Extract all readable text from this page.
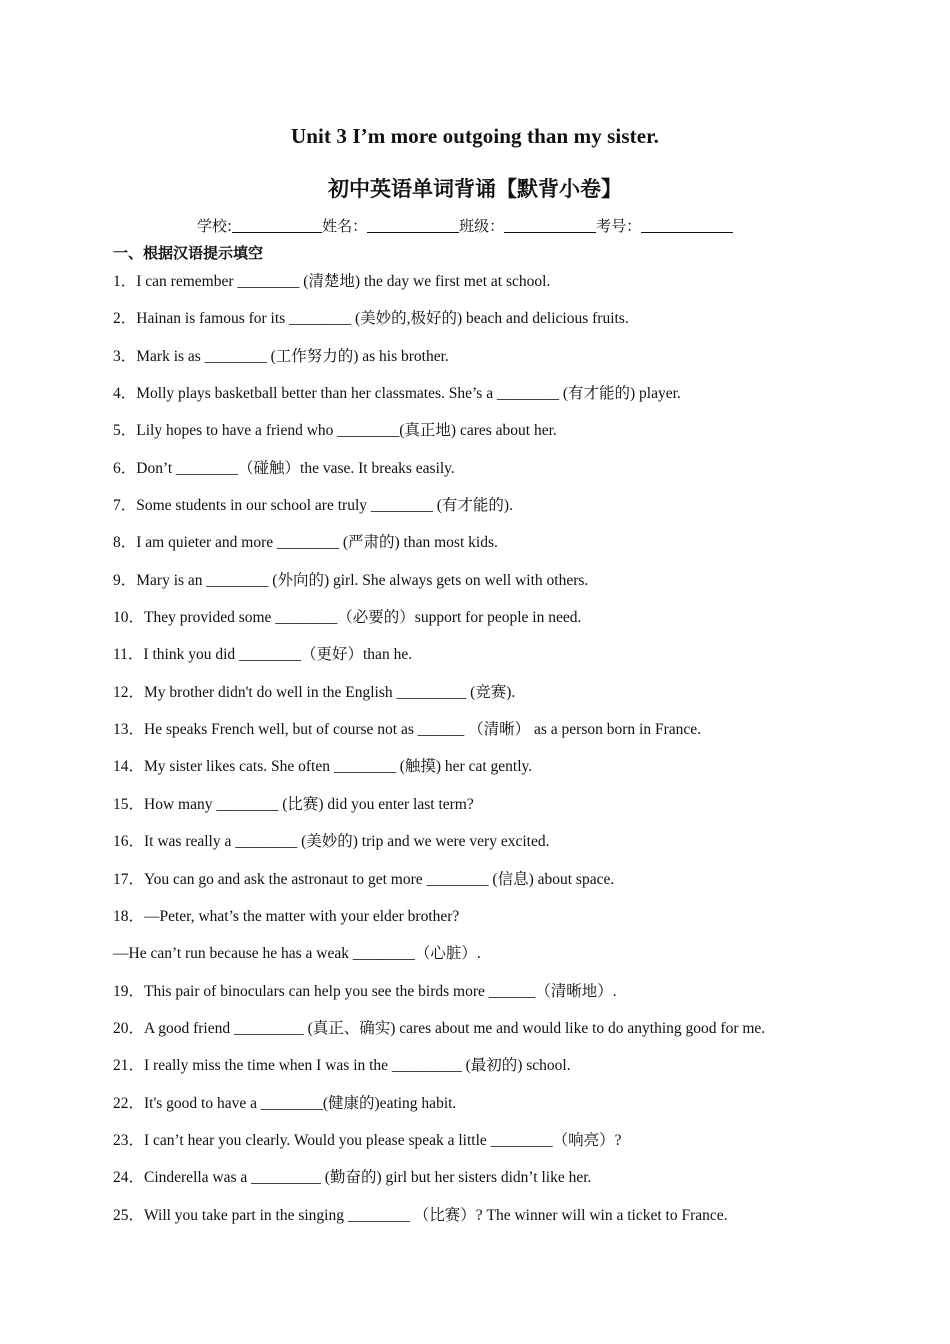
Unit 3 I’m more outgoing than my sister.
初中英语单词背诵【默背小卷】
学校:	姓名：	班级：	考号：
一、根据汉语提示填空
1．I can remember ________ (清楚地) the day we first met at school.
2．Hainan is famous for its ________ (美妙的,极好的) beach and delicious fruits.
3．Mark is as ________ (工作努力的) as his brother.
4．Molly plays basketball better than her classmates. She’s a ________ (有才能的) player.
5．Lily hopes to have a friend who ________(真正地) cares about her.
6．Don’t ________（碰触）the vase. It breaks easily.
7．Some students in our school are truly ________ (有才能的).
8．I am quieter and more ________ (严肃的) than most kids.
9．Mary is an ________ (外向的) girl. She always gets on well with others.
10．They provided some ________（必要的）support for people in need.
11．I think you did ________（更好）than he.
12．My brother didn't do well in the English _________ (竞赛).
13．He speaks French well, but of course not as ______ （清晰） as a person born in France.
14．My sister likes cats. She often ________ (触摸) her cat gently.
15．How many ________ (比赛) did you enter last term?
16．It was really a ________ (美妙的) trip and we were very excited.
17．You can go and ask the astronaut to get more ________ (信息) about space.
18．—Peter, what’s the matter with your elder brother?
—He can’t run because he has a weak ________（心脏）.
19．This pair of binoculars can help you see the birds more ______（清晰地）.
20．A good friend _________ (真正、确实) cares about me and would like to do anything good for me.
21．I really miss the time when I was in the _________ (最初的) school.
22．It's good to have a ________(健康的)eating habit.
23．I can’t hear you clearly. Would you please speak a little ________（响亮）?
24．Cinderella was a _________ (勤奋的) girl but her sisters didn’t like her.
25．Will you take part in the singing ________ （比赛）? The winner will win a ticket to France.
